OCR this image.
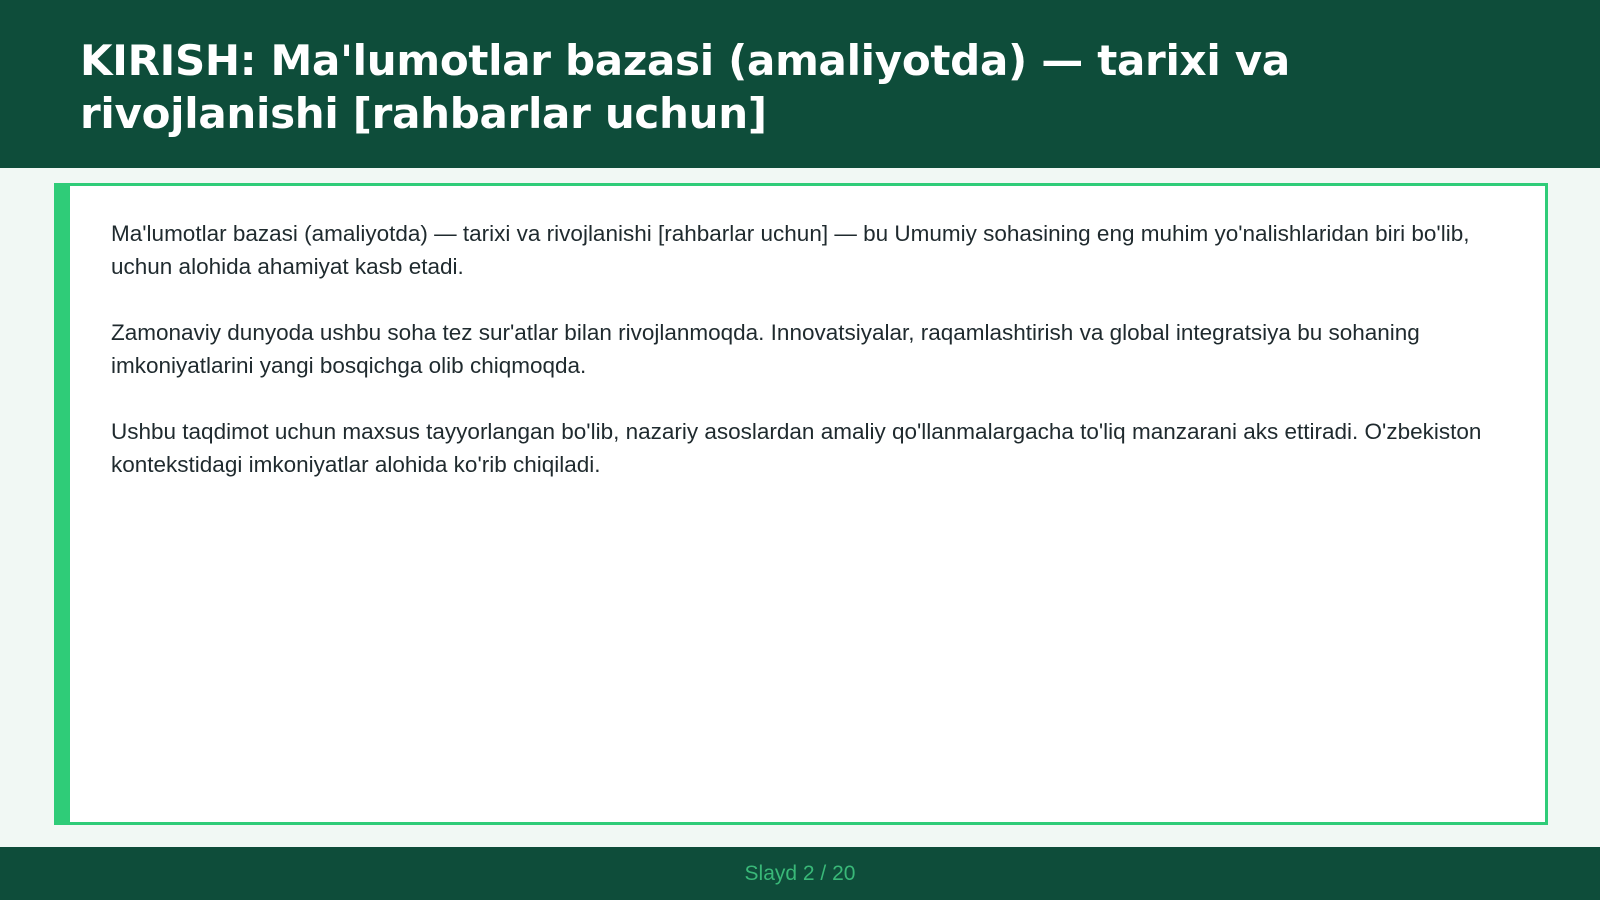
KIRISH: Ma'lumotlar bazasi (amaliyotda) — tarixi va rivojlanishi [rahbarlar uchun]

Ma'lumotlar bazasi (amaliyotda) — tarixi va rivojlanishi [rahbarlar uchun] — bu Umumiy sohasining eng muhim yo'nalishlaridan biri bo'lib, uchun alohida ahamiyat kasb etadi.

Zamonaviy dunyoda ushbu soha tez sur'atlar bilan rivojlanmoqda. Innovatsiyalar, raqamlashtirish va global integratsiya bu sohaning imkoniyatlarini yangi bosqichga olib chiqmoqda.

Ushbu taqdimot uchun maxsus tayyorlangan bo'lib, nazariy asoslardan amaliy qo'llanmalargacha to'liq manzarani aks ettiradi. O'zbekiston kontekstidagi imkoniyatlar alohida ko'rib chiqiladi.

Slayd 2 / 20
